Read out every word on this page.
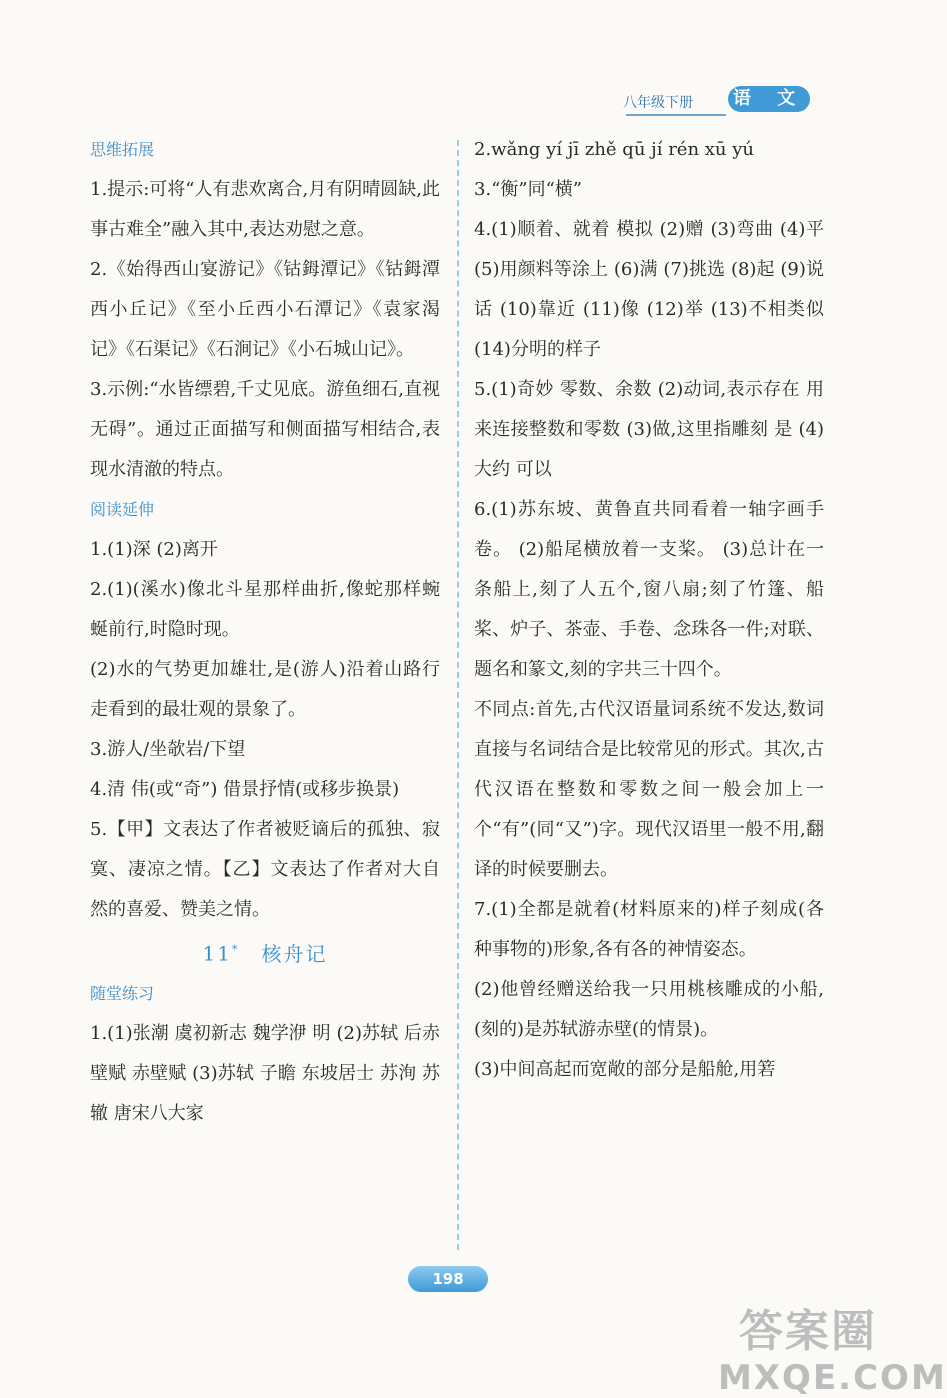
八年级下册 语 文

思维拓展

1.提示:可将“人有悲欢离合,月有阴晴圆缺,此事古难全”融入其中,表达劝慰之意。

2.《始得西山宴游记》《钴鉧潭记》《钴鉧潭西小丘记》《至小丘西小石潭记》《袁家渴记》《石渠记》《石涧记》《小石城山记》。

3.示例:“水皆缥碧,千丈见底。游鱼细石,直视无碍”。通过正面描写和侧面描写相结合,表现水清澈的特点。

阅读延伸

1.(1)深 (2)离开

2.(1)(溪水)像北斗星那样曲折,像蛇那样蜿蜒前行,时隐时现。

(2)水的气势更加雄壮,是(游人)沿着山路行走看到的最壮观的景象了。

3.游人/坐欹岩/下望

4.清 伟(或“奇”) 借景抒情(或移步换景)

5.【甲】文表达了作者被贬谪后的孤独、寂寞、凄凉之情。【乙】文表达了作者对大自然的喜爱、赞美之情。

11* 核舟记

随堂练习

1.(1)张潮 虞初新志 魏学洢 明 (2)苏轼 后赤壁赋 赤壁赋 (3)苏轼 子瞻 东坡居士 苏洵 苏辙 唐宋八大家

2.wǎng yí jī zhě qū jí rén xū yú

3.“衡”同“横”

4.(1)顺着、就着 模拟 (2)赠 (3)弯曲 (4)平 (5)用颜料等涂上 (6)满 (7)挑选 (8)起 (9)说话 (10)靠近 (11)像 (12)举 (13)不相类似 (14)分明的样子

5.(1)奇妙 零数、余数 (2)动词,表示存在 用来连接整数和零数 (3)做,这里指雕刻 是 (4)大约 可以

6.(1)苏东坡、黄鲁直共同看着一轴字画手卷。 (2)船尾横放着一支桨。 (3)总计在一条船上,刻了人五个,窗八扇;刻了竹篷、船桨、炉子、茶壶、手卷、念珠各一件;对联、题名和篆文,刻的字共三十四个。

不同点:首先,古代汉语量词系统不发达,数词直接与名词结合是比较常见的形式。其次,古代汉语在整数和零数之间一般会加上一个“有”(同“又”)字。现代汉语里一般不用,翻译的时候要删去。

7.(1)全都是就着(材料原来的)样子刻成(各种事物的)形象,各有各的神情姿态。

(2)他曾经赠送给我一只用桃核雕成的小船,(刻的)是苏轼游赤壁(的情景)。

(3)中间高起而宽敞的部分是船舱,用箬

198
答案圈
MXQE.COM
